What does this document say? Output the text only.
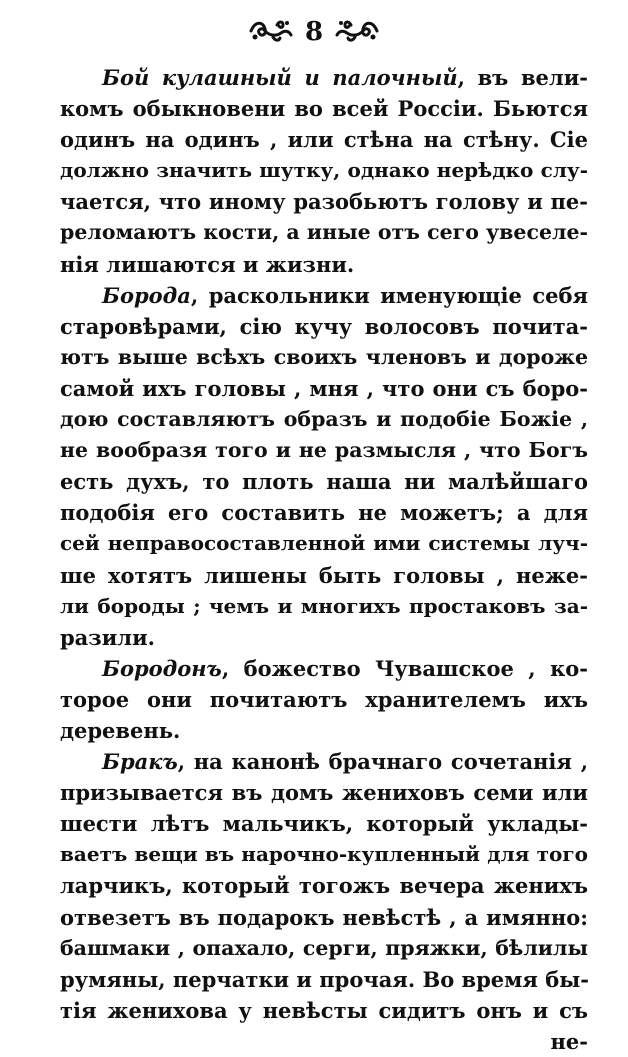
8
Бой кулашный и палочный, въ вели-
комъ обыкновени во всей Россіи. Бьются
одинъ на одинъ , или стѣна на стѣну. Сіе
должно значить шутку, однако нерѣдко слу-
чается, что иному разобьютъ голову и пе-
реломаютъ кости, а иные отъ сего увеселе-
нія лишаются и жизни.
Борода, раскольники именующіе себя
старовѣрами, сію кучу волосовъ почита-
ютъ выше всѣхъ своихъ членовъ и дороже
самой ихъ головы , мня , что они съ боро-
дою составляютъ образъ и подобіе Божіе ,
не вообразя того и не размысля , что Богъ
есть духъ, то плоть наша ни малѣйшаго
подобія его составить не можетъ; а для
сей неправосоставленной ими системы луч-
ше хотятъ лишены быть головы , нeже-
ли бороды ; чемъ и многихъ простаковъ за-
разили.
Бородонъ, божество Чувашское , ко-
торое они почитаютъ хранителемъ ихъ
деревень.
Бракъ, на канонѣ брачнаго сочетанія ,
призывается въ домъ жениховъ семи или
шести лѣтъ мальчикъ, который уклады-
ваетъ вещи въ нарочно-купленный для того
ларчикъ, который тогожъ вечера женихъ
отвезетъ въ подарокъ невѣстѣ , а имянно:
башмаки , опахало, серги, пряжки, бѣлилы
румяны, перчатки и прочая. Во время бы-
тія жениxова у невѣсты сидитъ онъ и съ
не-
